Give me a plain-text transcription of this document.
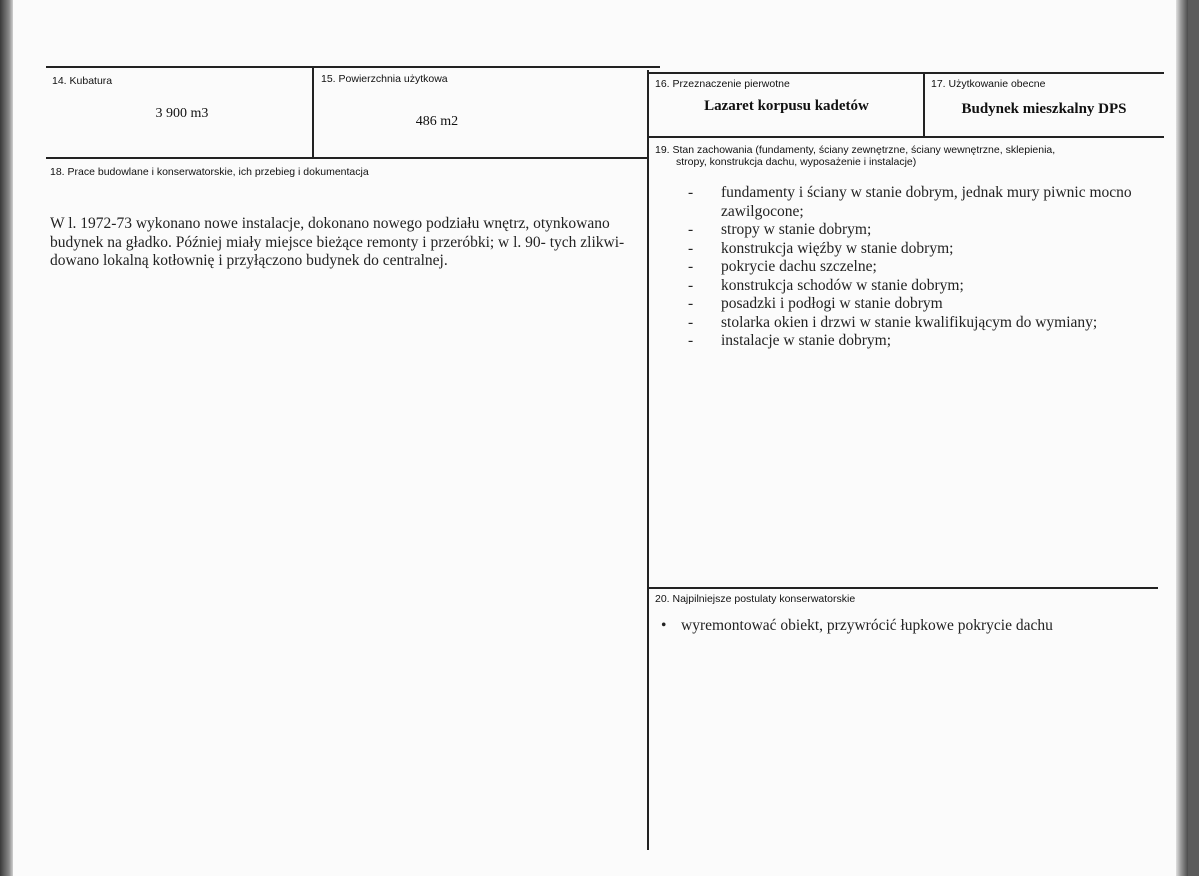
14. Kubatura
3 900 m3
15. Powierzchnia użytkowa
486 m2
16. Przeznaczenie pierwotne
Lazaret korpusu kadetów
17. Użytkowanie obecne
Budynek mieszkalny DPS
18. Prace budowlane i konserwatorskie, ich przebieg i dokumentacja
W l. 1972-73 wykonano nowe instalacje, dokonano nowego podziału wnętrz, otynkowano
budynek na gładko. Później miały miejsce bieżące remonty i przeróbki; w l. 90- tych zlikwi-
dowano lokalną kotłownię i przyłączono budynek do centralnej.
19. Stan zachowania (fundamenty, ściany zewnętrzne, ściany wewnętrzne, sklepienia,
stropy, konstrukcja dachu, wyposażenie i instalacje)
- fundamenty i ściany w stanie dobrym, jednak mury piwnic mocno zawilgocone;
- stropy w stanie dobrym;
- konstrukcja więźby w stanie dobrym;
- pokrycie dachu szczelne;
- konstrukcja schodów w stanie dobrym;
- posadzki i podłogi w stanie dobrym
- stolarka okien i drzwi w stanie kwalifikującym do wymiany;
- instalacje w stanie dobrym;
20. Najpilniejsze postulaty konserwatorskie
• wyremontować obiekt, przywrócić łupkowe pokrycie dachu
